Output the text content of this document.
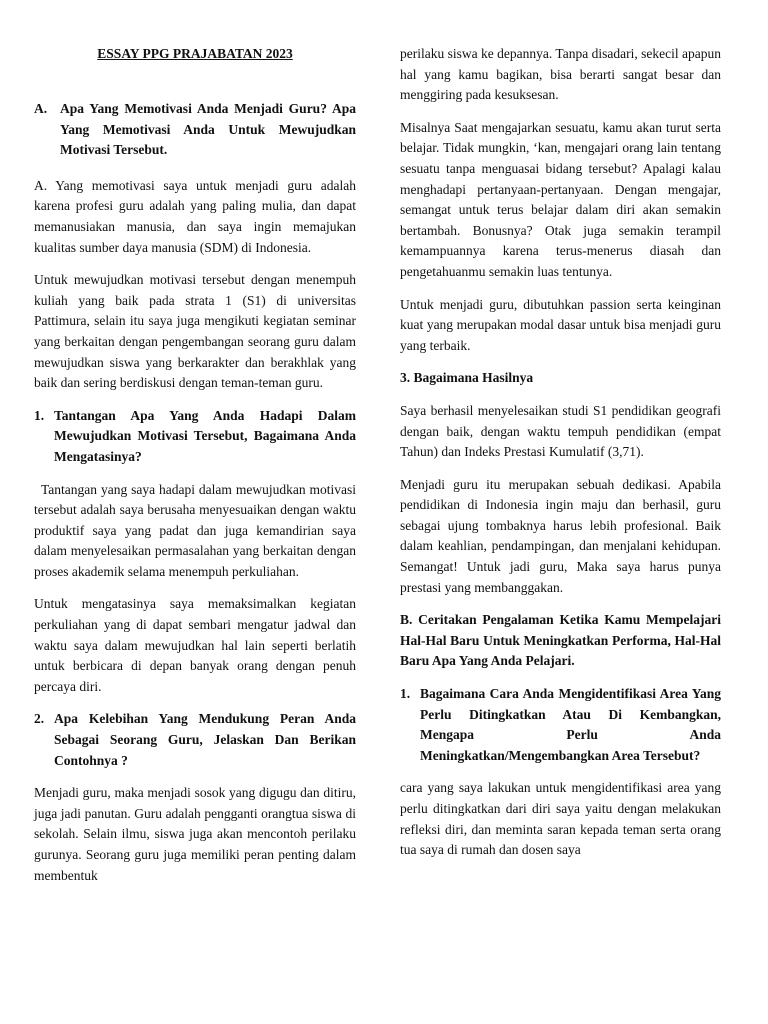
ESSAY PPG PRAJABATAN 2023
A. Apa Yang Memotivasi Anda Menjadi Guru? Apa Yang Memotivasi Anda Untuk Mewujudkan Motivasi Tersebut.

A. Yang memotivasi saya untuk menjadi guru adalah karena profesi guru adalah yang paling mulia, dan dapat memanusiakan manusia, dan saya ingin memajukan kualitas sumber daya manusia (SDM) di Indonesia.

Untuk mewujudkan motivasi tersebut dengan menempuh kuliah yang baik pada strata 1 (S1) di universitas Pattimura, selain itu saya juga mengikuti kegiatan seminar yang berkaitan dengan pengembangan seorang guru dalam mewujudkan siswa yang berkarakter dan berakhlak yang baik dan sering berdiskusi dengan teman-teman guru.

1. Tantangan Apa Yang Anda Hadapi Dalam Mewujudkan Motivasi Tersebut, Bagaimana Anda Mengatasinya?

Tantangan yang saya hadapi dalam mewujudkan motivasi tersebut adalah saya berusaha menyesuaikan dengan waktu produktif saya yang padat dan juga kemandirian saya dalam menyelesaikan permasalahan yang berkaitan dengan proses akademik selama menempuh perkuliahan.

Untuk mengatasinya saya memaksimalkan kegiatan perkuliahan yang di dapat sembari mengatur jadwal dan waktu saya dalam mewujudkan hal lain seperti berlatih untuk berbicara di depan banyak orang dengan penuh percaya diri.

2. Apa Kelebihan Yang Mendukung Peran Anda Sebagai Seorang Guru, Jelaskan Dan Berikan Contohnya ?

Menjadi guru, maka menjadi sosok yang digugu dan ditiru, juga jadi panutan. Guru adalah pengganti orangtua siswa di sekolah. Selain ilmu, siswa juga akan mencontoh perilaku gurunya. Seorang guru juga memiliki peran penting dalam membentuk

perilaku siswa ke depannya. Tanpa disadari, sekecil apapun hal yang kamu bagikan, bisa berarti sangat besar dan menggiring pada kesuksesan.

Misalnya Saat mengajarkan sesuatu, kamu akan turut serta belajar. Tidak mungkin, ‘kan, mengajari orang lain tentang sesuatu tanpa menguasai bidang tersebut? Apalagi kalau menghadapi pertanyaan-pertanyaan. Dengan mengajar, semangat untuk terus belajar dalam diri akan semakin bertambah. Bonusnya? Otak juga semakin terampil kemampuannya karena terus-menerus diasah dan pengetahuanmu semakin luas tentunya.

Untuk menjadi guru, dibutuhkan passion serta keinginan kuat yang merupakan modal dasar untuk bisa menjadi guru yang terbaik.

3. Bagaimana Hasilnya

Saya berhasil menyelesaikan studi S1 pendidikan geografi dengan baik, dengan waktu tempuh pendidikan (empat Tahun) dan Indeks Prestasi Kumulatif (3,71).

Menjadi guru itu merupakan sebuah dedikasi. Apabila pendidikan di Indonesia ingin maju dan berhasil, guru sebagai ujung tombaknya harus lebih profesional. Baik dalam keahlian, pendampingan, dan menjalani kehidupan. Semangat! Untuk jadi guru, Maka saya harus punya prestasi yang membanggakan.

B. Ceritakan Pengalaman Ketika Kamu Mempelajari Hal-Hal Baru Untuk Meningkatkan Performa, Hal-Hal Baru Apa Yang Anda Pelajari.

1. Bagaimana Cara Anda Mengidentifikasi Area Yang Perlu Ditingkatkan Atau Di Kembangkan, Mengapa Perlu Anda Meningkatkan/Mengembangkan Area Tersebut?

cara yang saya lakukan untuk mengidentifikasi area yang perlu ditingkatkan dari diri saya yaitu dengan melakukan refleksi diri, dan meminta saran kepada teman serta orang tua saya di rumah dan dosen saya
